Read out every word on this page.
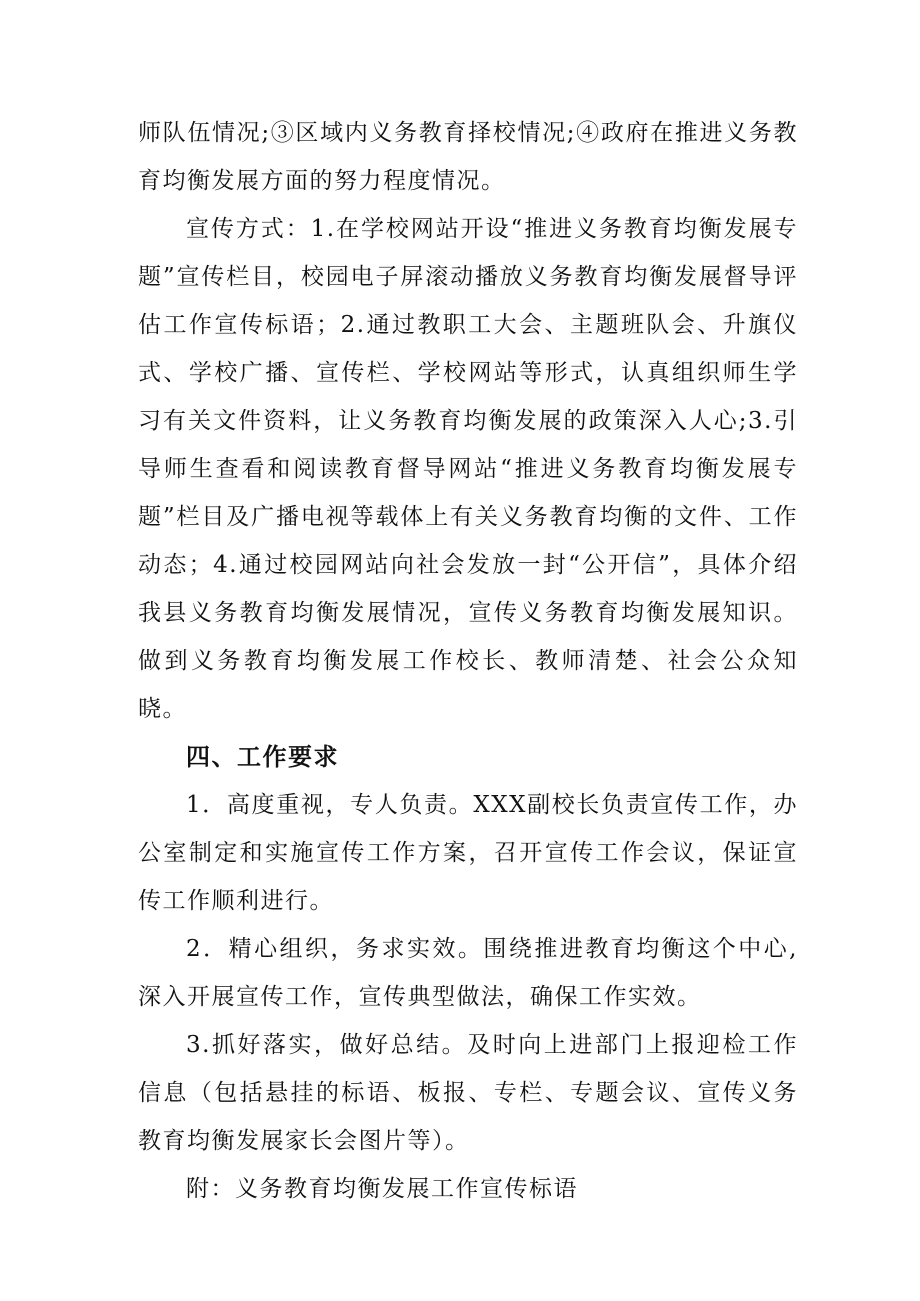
师队伍情况;③区域内义务教育择校情况;④政府在推进义务教育均衡发展方面的努力程度情况。

宣传方式：1.在学校网站开设“推进义务教育均衡发展专题”宣传栏目，校园电子屏滚动播放义务教育均衡发展督导评估工作宣传标语；2.通过教职工大会、主题班队会、升旗仪式、学校广播、宣传栏、学校网站等形式，认真组织师生学习有关文件资料，让义务教育均衡发展的政策深入人心;3.引导师生查看和阅读教育督导网站“推进义务教育均衡发展专题”栏目及广播电视等载体上有关义务教育均衡的文件、工作动态；4.通过校园网站向社会发放一封“公开信”，具体介绍我县义务教育均衡发展情况，宣传义务教育均衡发展知识。做到义务教育均衡发展工作校长、教师清楚、社会公众知晓。

四、工作要求

1．高度重视，专人负责。XXX副校长负责宣传工作，办公室制定和实施宣传工作方案，召开宣传工作会议，保证宣传工作顺利进行。

2．精心组织，务求实效。围绕推进教育均衡这个中心,深入开展宣传工作，宣传典型做法，确保工作实效。

3.抓好落实，做好总结。及时向上进部门上报迎检工作信息（包括悬挂的标语、板报、专栏、专题会议、宣传义务教育均衡发展家长会图片等）。

附：义务教育均衡发展工作宣传标语
